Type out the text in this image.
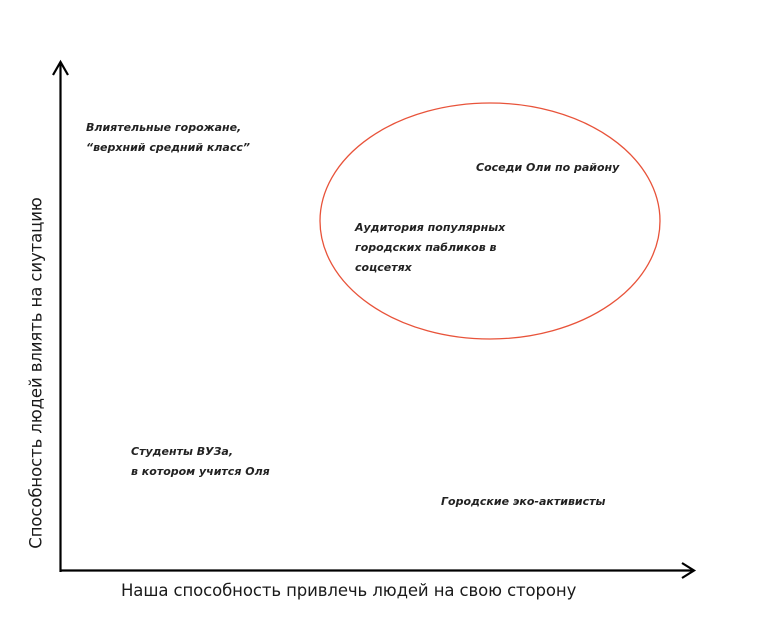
Наша способность привлечь людей на свою сторону
Способность людей влиять на сиутацию
Влиятельные горожане,
“верхний средний класс”
Соседи Оли по району
Аудитория популярных
городских пабликов в
соцсетях
Студенты ВУЗа,
в котором учится Оля
Городские эко-активисты
